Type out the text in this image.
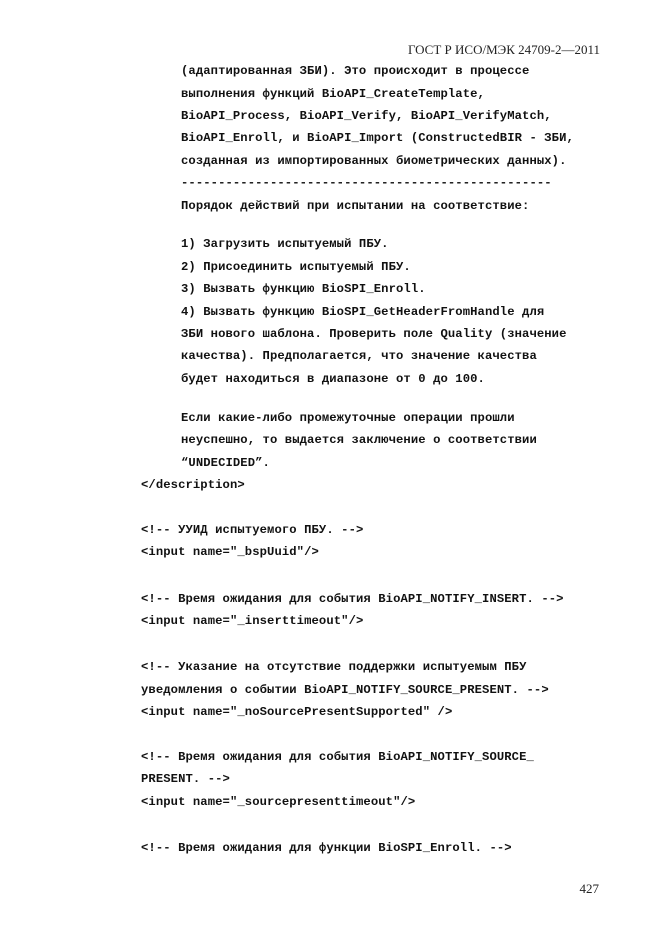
ГОСТ Р ИСО/МЭК 24709-2—2011
(адаптированная ЗБИ). Это происходит в процессе
выполнения функций BioAPI_CreateTemplate,
BioAPI_Process, BioAPI_Verify, BioAPI_VerifyMatch,
BioAPI_Enroll, и BioAPI_Import (ConstructedBIR - ЗБИ,
созданная из импортированных биометрических данных).
--------------------------------------------------
Порядок действий при испытании на соответствие:
1) Загрузить испытуемый ПБУ.
2) Присоединить испытуемый ПБУ.
3) Вызвать функцию BioSPI_Enroll.
4) Вызвать функцию BioSPI_GetHeaderFromHandle для
ЗБИ нового шаблона. Проверить поле Quality (значение
качества). Предполагается, что значение качества
будет находиться в диапазоне от 0 до 100.
Если какие-либо промежуточные операции прошли
неуспешно, то выдается заключение о соответствии
“UNDECIDED”.
</description>
<!-- УУИД испытуемого ПБУ. -->
<input name="_bspUuid"/>
<!-- Время ожидания для события BioAPI_NOTIFY_INSERT. -->
<input name="_inserttimeout"/>
<!-- Указание на отсутствие поддержки испытуемым ПБУ
уведомления о событии BioAPI_NOTIFY_SOURCE_PRESENT. -->
<input name="_noSourcePresentSupported" />
<!-- Время ожидания для события BioAPI_NOTIFY_SOURCE_
PRESENT. -->
<input name="_sourcepresenttimeout"/>
<!-- Время ожидания для функции BioSPI_Enroll. -->
427
